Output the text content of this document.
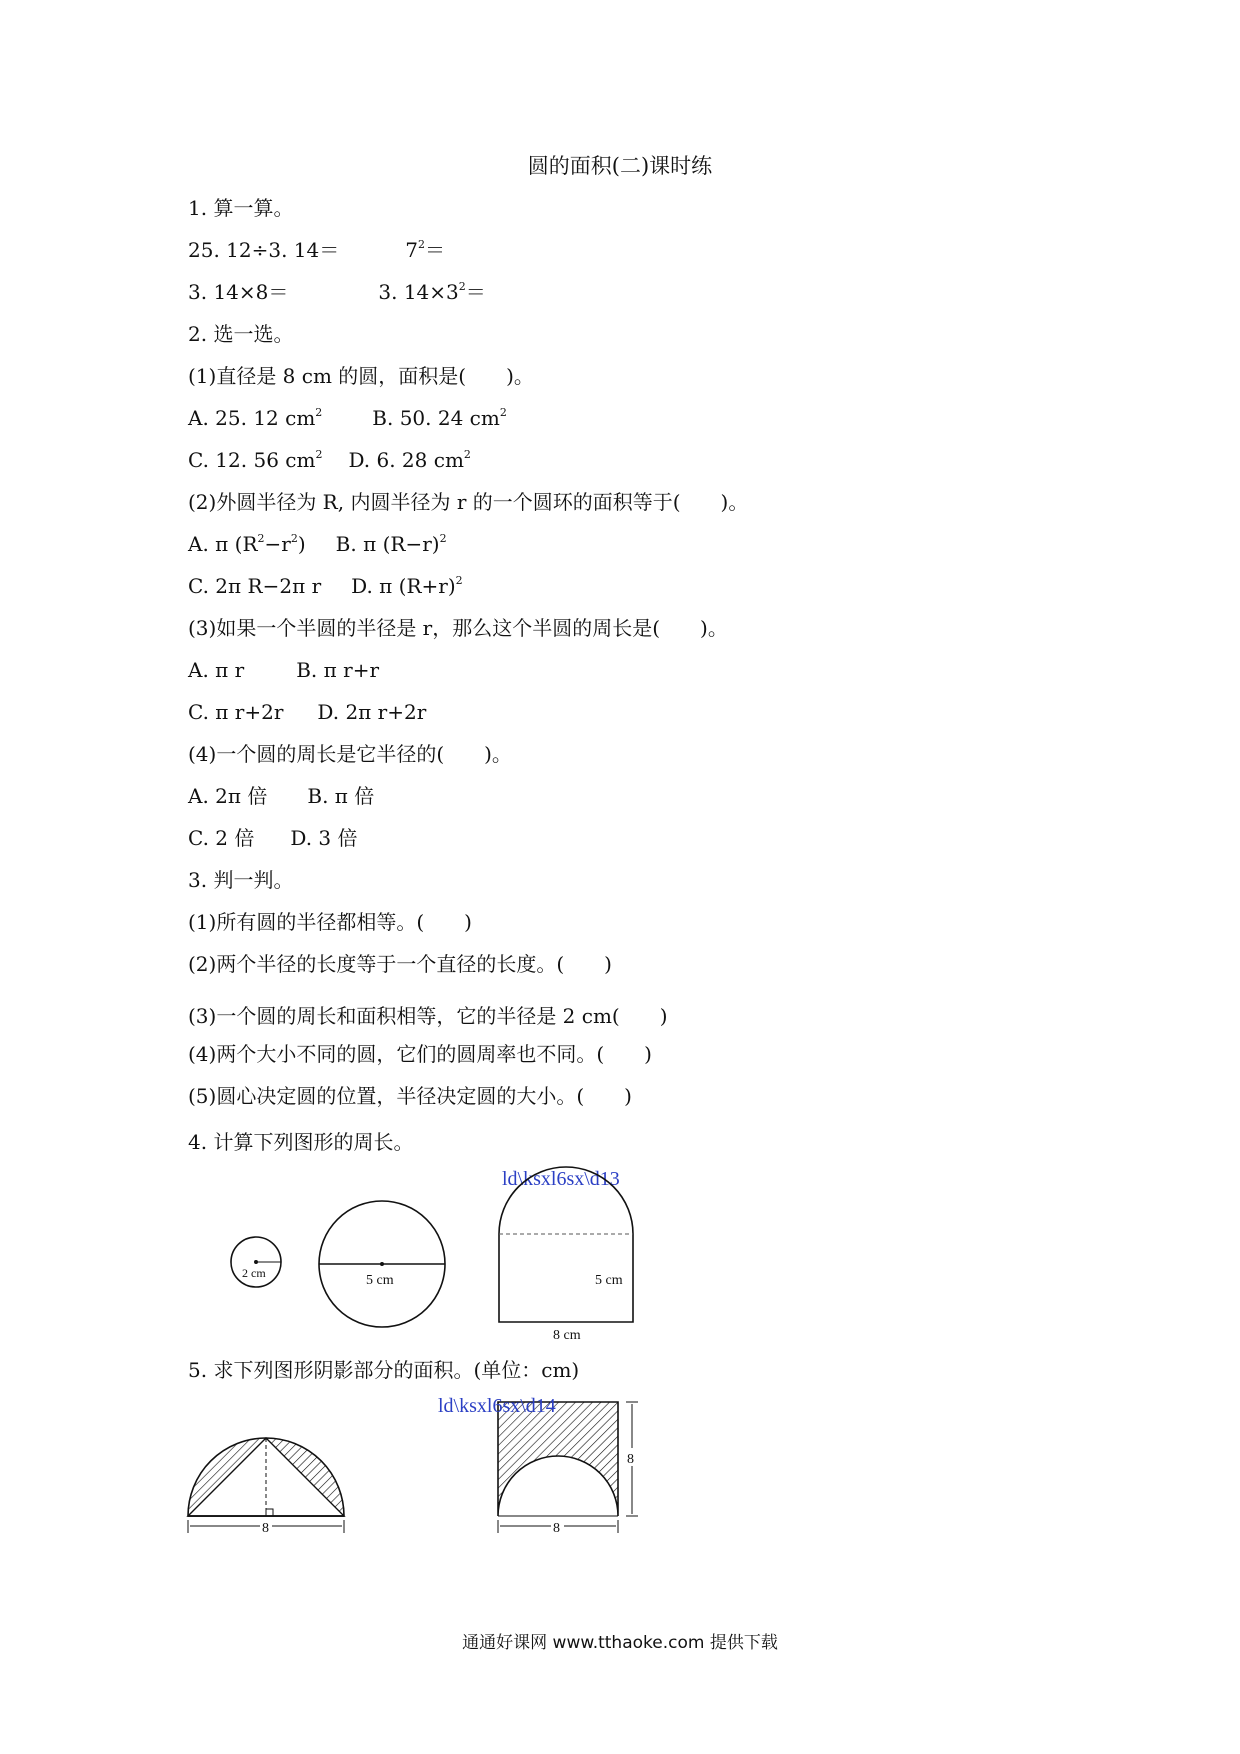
圆的面积(二)课时练
1. 算一算。
25. 12÷3. 14＝	$7^2=$
3. 14×8＝	3. $14\times 3^2=$
2. 选一选。
(1)直径是 8 cm 的圆，面积是(　　)。
A. 25. 12 $cm^2$	B. 50. 24 $cm^2$
C. 12. 56 $cm^2$ D. 6. 28 $cm^2$
(2)外圆半径为 R, 内圆半径为 r 的一个圆环的面积等于(　　)。
A. π $(R^2-r^2)$ B. π $(R-r)^2$
C. 2π R−2π r D. π $(R+r)^2$
(3)如果一个半圆的半径是 r，那么这个半圆的周长是(　　)。
A. π r	B. π r+r
C. π r+2r D. 2π r+2r
(4)一个圆的周长是它半径的(　　)。
A. 2π 倍 B. π 倍
C. 2 倍 D. 3 倍
3. 判一判。
(1)所有圆的半径都相等。(　　)
(2)两个半径的长度等于一个直径的长度。(　　)
(3)一个圆的周长和面积相等，它的半径是 2 cm(　　)
(4)两个大小不同的圆，它们的圆周率也不同。(　　)
(5)圆心决定圆的位置，半径决定圆的大小。(　　)
4. 计算下列图形的周长。
ld\ksxl6sx\d13
2 cm	5 cm	5 cm
8 cm
5. 求下列图形阴影部分的面积。(单位：cm)
8
ld\ksxl6sx\d14
8
8
通通好课网 www.tthaoke.com 提供下载
